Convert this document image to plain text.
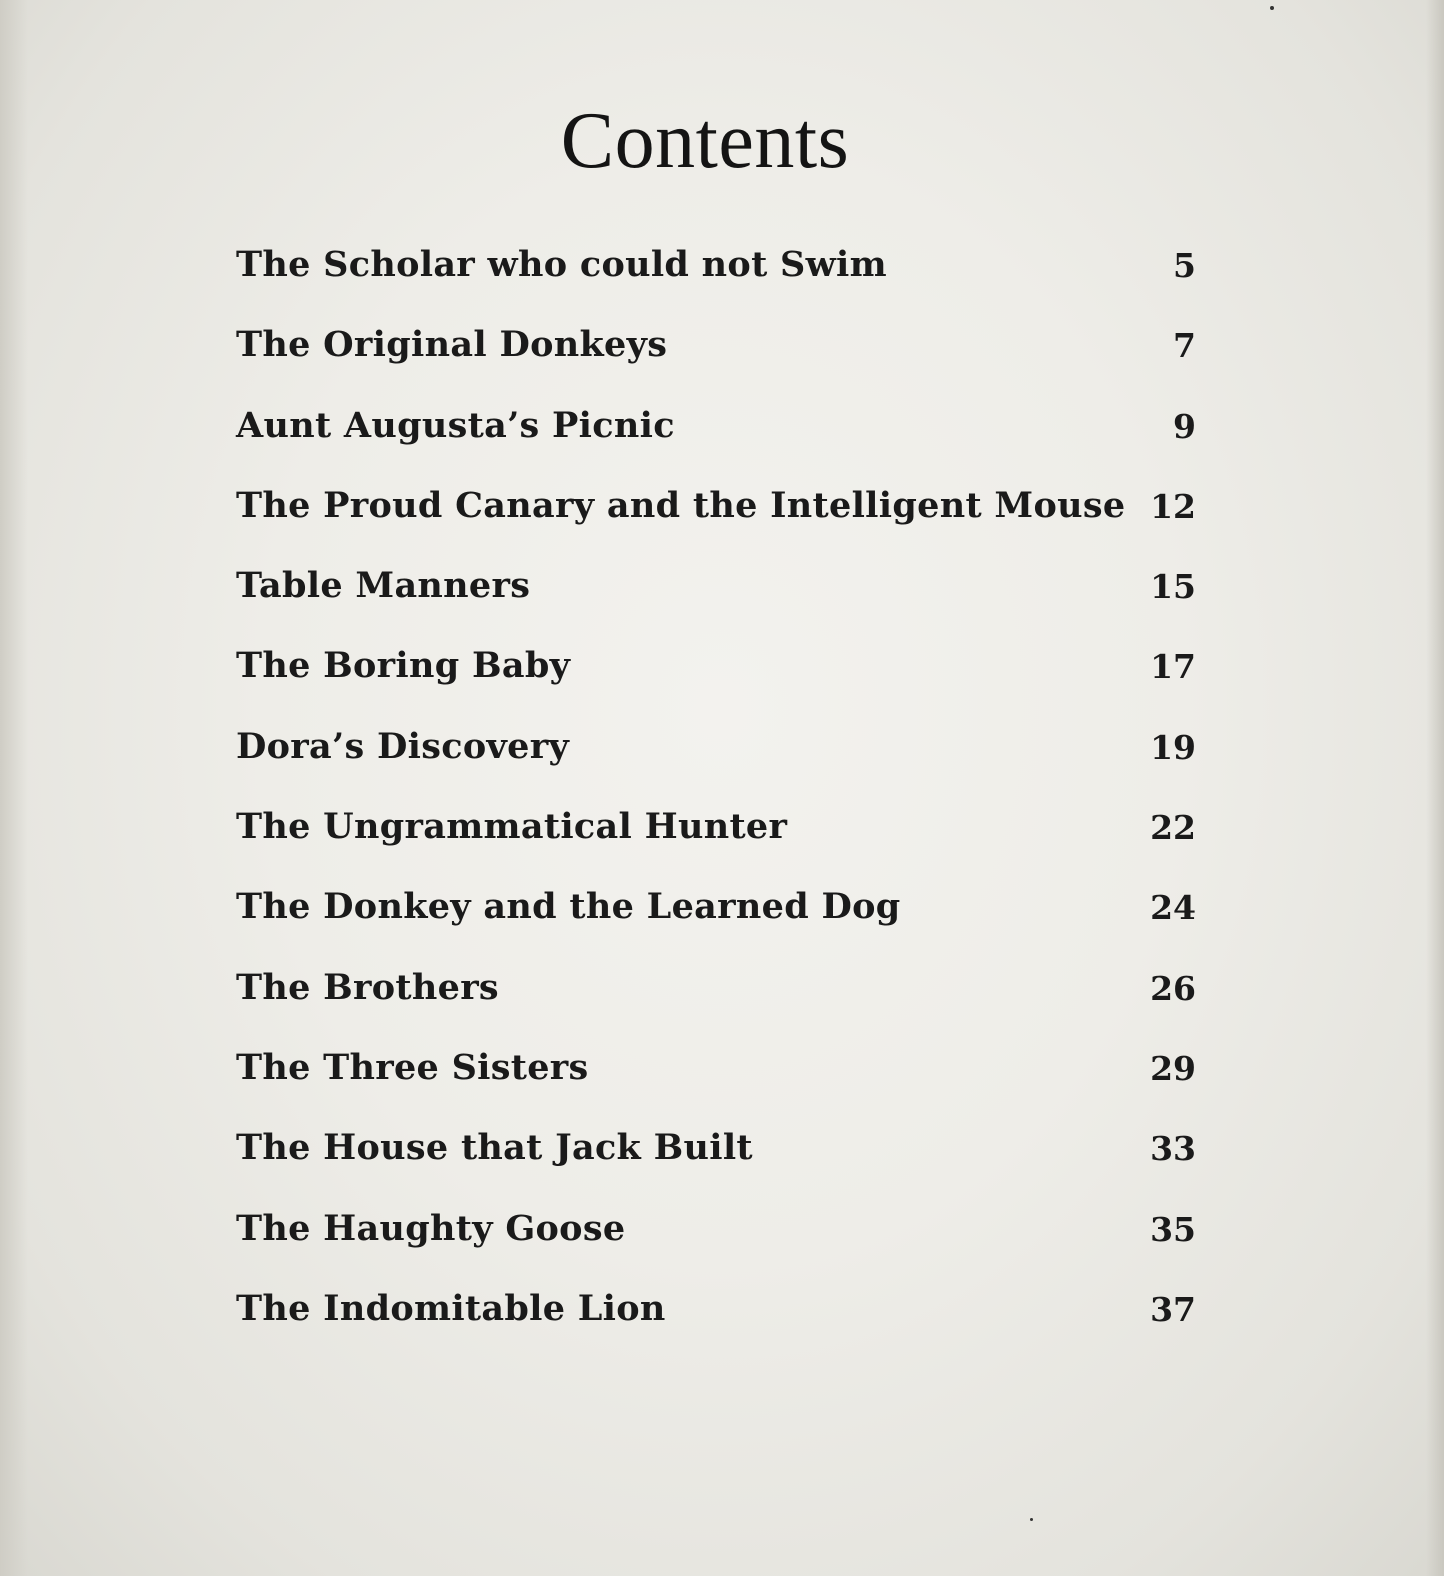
Contents
The Scholar who could not Swim	5
The Original Donkeys	7
Aunt Augusta’s Picnic	9
The Proud Canary and the Intelligent Mouse 12
Table Manners	15
The Boring Baby	17
Dora’s Discovery	19
The Ungrammatical Hunter	22
The Donkey and the Learned Dog	24
The Brothers	26
The Three Sisters	29
The House that Jack Built	33
The Haughty Goose	35
The Indomitable Lion	37
